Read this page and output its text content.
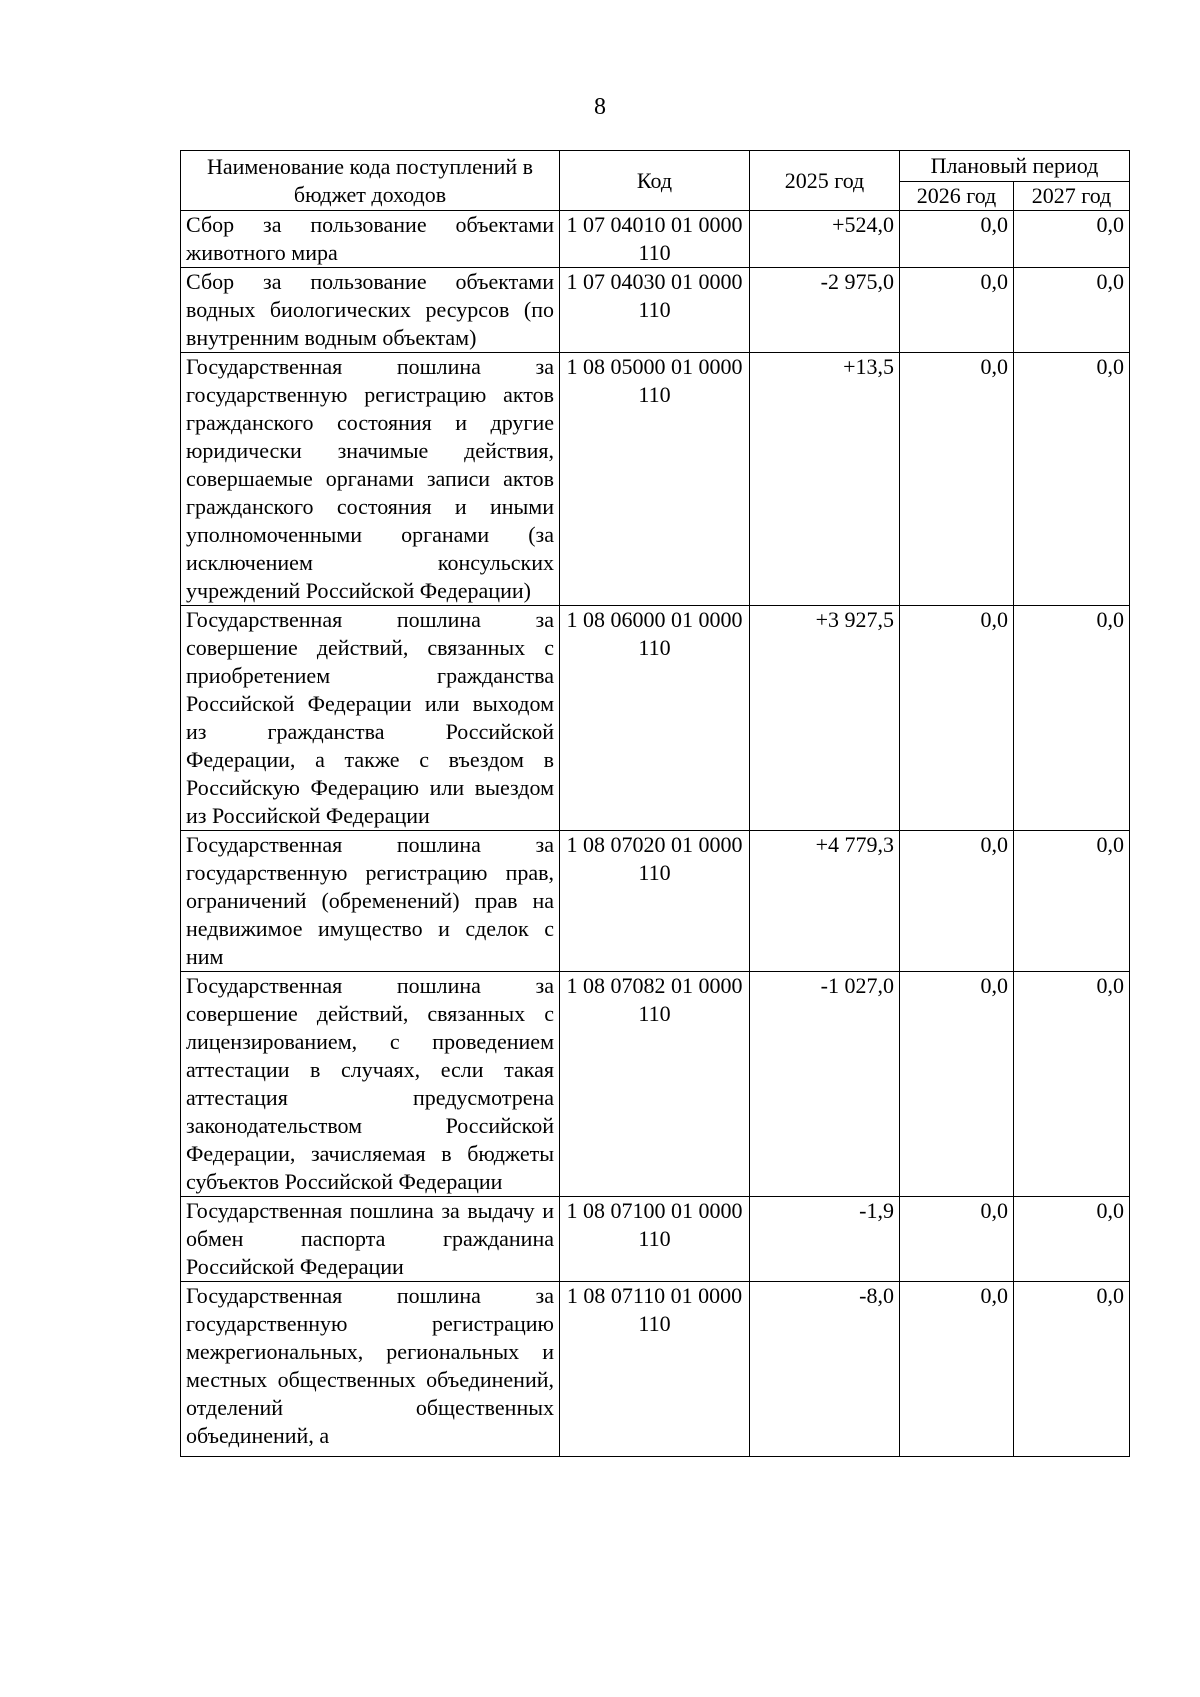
8
Наименование кода поступлений в бюджет доходов	Код	2025 год	Плановый период	
			2026 год	2027 год
Сбор за пользование объектами животного мира	1 07 04010 01 0000 110	+524,0	0,0	0,0
Сбор за пользование объектами водных биологических ресурсов (по внутренним водным объектам)	1 07 04030 01 0000 110	-2 975,0	0,0	0,0
Государственная пошлина за государственную регистрацию актов гражданского состояния и другие юридически значимые действия, совершаемые органами записи актов гражданского состояния и иными уполномоченными органами (за исключением консульских учреждений Российской Федерации)	1 08 05000 01 0000 110	+13,5	0,0	0,0
Государственная пошлина за совершение действий, связанных с приобретением гражданства Российской Федерации или выходом из гражданства Российской Федерации, а также с въездом в Российскую Федерацию или выездом из Российской Федерации	1 08 06000 01 0000 110	+3 927,5	0,0	0,0
Государственная пошлина за государственную регистрацию прав, ограничений (обременений) прав на недвижимое имущество и сделок с ним	1 08 07020 01 0000 110	+4 779,3	0,0	0,0
Государственная пошлина за совершение действий, связанных с лицензированием, с проведением аттестации в случаях, если такая аттестация предусмотрена законодательством Российской Федерации, зачисляемая в бюджеты субъектов Российской Федерации	1 08 07082 01 0000 110	-1 027,0	0,0	0,0
Государственная пошлина за выдачу и обмен паспорта гражданина Российской Федерации	1 08 07100 01 0000 110	-1,9	0,0	0,0
Государственная пошлина за государственную регистрацию межрегиональных, региональных и местных общественных объединений, отделений общественных объединений, а	1 08 07110 01 0000 110	-8,0	0,0	0,0
